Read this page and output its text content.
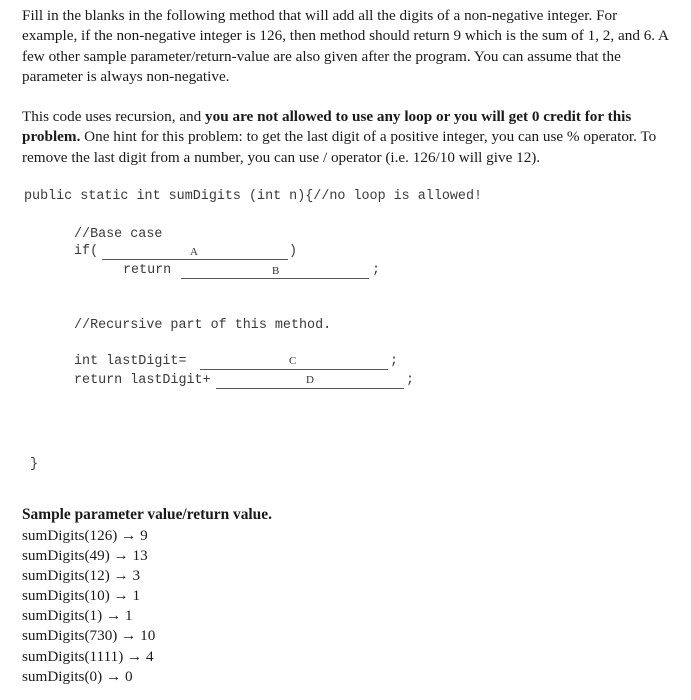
Fill in the blanks in the following method that will add all the digits of a non-negative integer. For example, if the non-negative integer is 126, then method should return 9 which is the sum of 1, 2, and 6. A few other sample parameter/return-value are also given after the program. You can assume that the parameter is always non-negative.
This code uses recursion, and you are not allowed to use any loop or you will get 0 credit for this problem. One hint for this problem: to get the last digit of a positive integer, you can use % operator. To remove the last digit from a number, you can use / operator (i.e. 126/10 will give 12).
public static int sumDigits (int n){//no loop is allowed!
//Base case
if(	A	)
return	B	;
//Recursive part of this method.
int lastDigit=	C	;
return lastDigit+	D	;
}
Sample parameter value/return value.
sumDigits(126) → 9
sumDigits(49) → 13
sumDigits(12) → 3
sumDigits(10) → 1
sumDigits(1) → 1
sumDigits(730) → 10
sumDigits(1111) → 4
sumDigits(0) → 0
